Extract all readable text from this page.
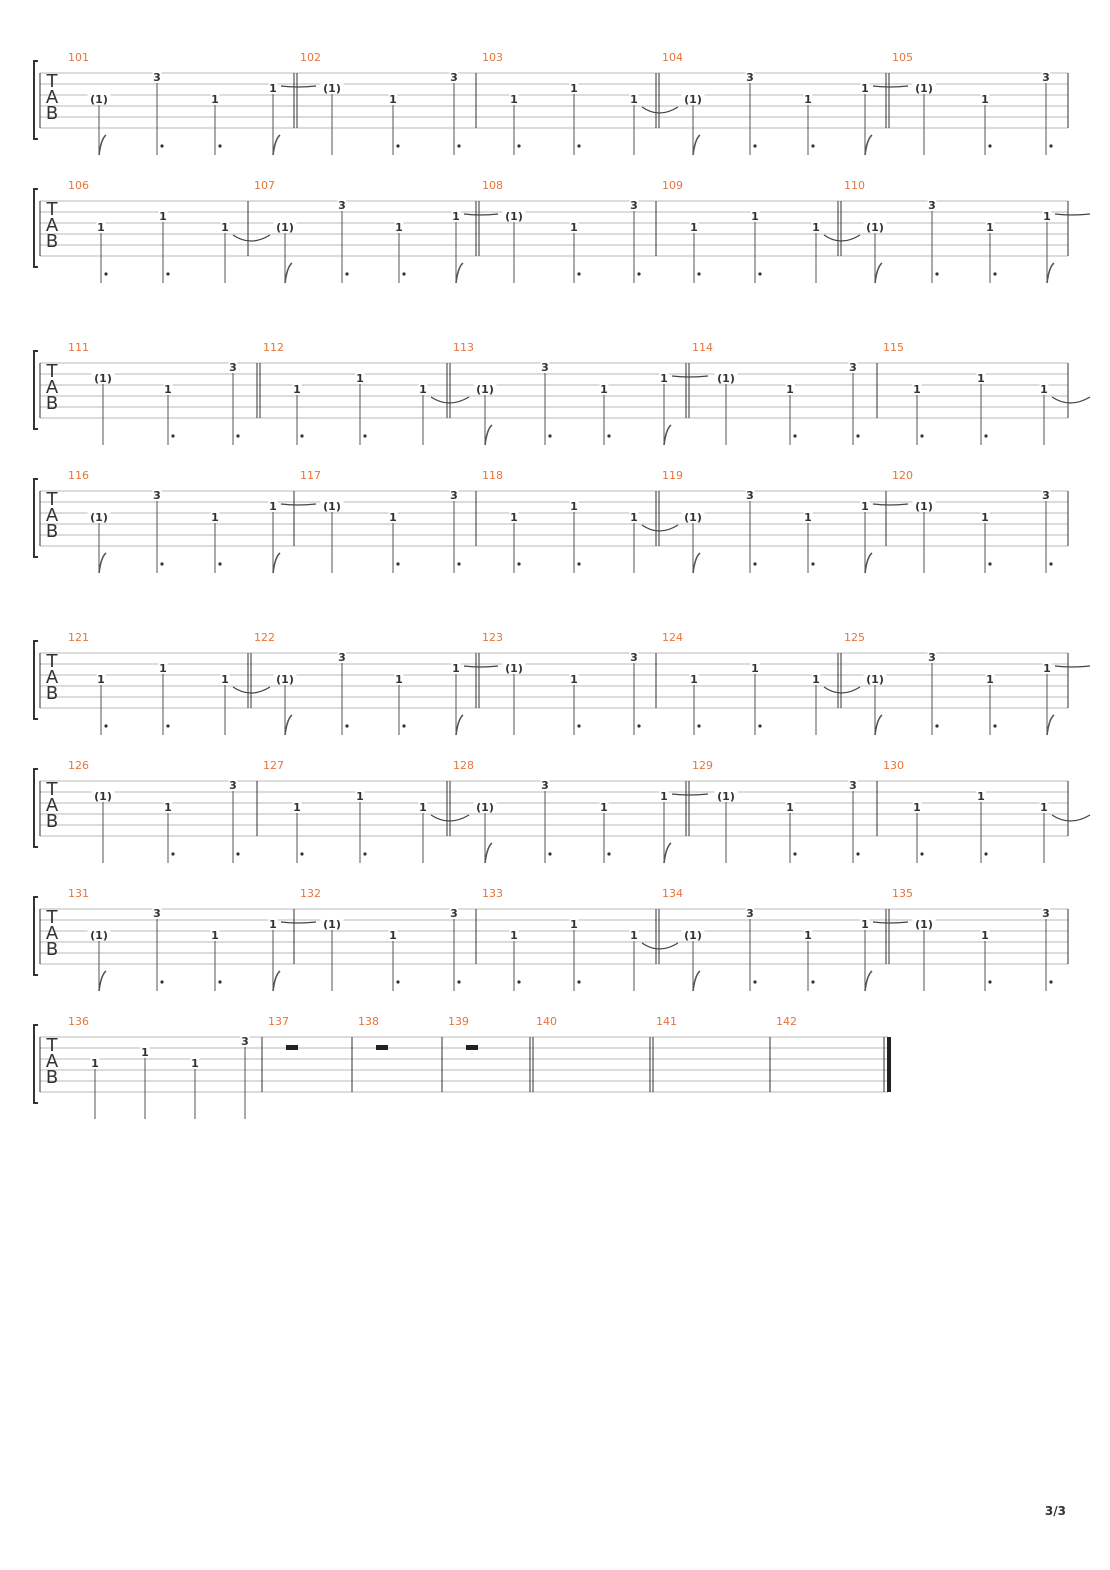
T
A
B
101
(1)
3
1
1
102
(1)
1
3
103
1
1
1
104
(1)
3
1
1
105
(1)
1
3
T
A
B
106
1
1
1
107
(1)
3
1
1
108
(1)
1
3
109
1
1
1
110
(1)
3
1
1
T
A
B
111
(1)
1
3
112
1
1
1
113
(1)
3
1
1
114
(1)
1
3
115
1
1
1
T
A
B
116
(1)
3
1
1
117
(1)
1
3
118
1
1
1
119
(1)
3
1
1
120
(1)
1
3
T
A
B
121
1
1
1
122
(1)
3
1
1
123
(1)
1
3
124
1
1
1
125
(1)
3
1
1
T
A
B
126
(1)
1
3
127
1
1
1
128
(1)
3
1
1
129
(1)
1
3
130
1
1
1
T
A
B
131
(1)
3
1
1
132
(1)
1
3
133
1
1
1
134
(1)
3
1
1
135
(1)
1
3
T
A
B
136
1
1
1
3
137	138	139	140	141	142
3/3
